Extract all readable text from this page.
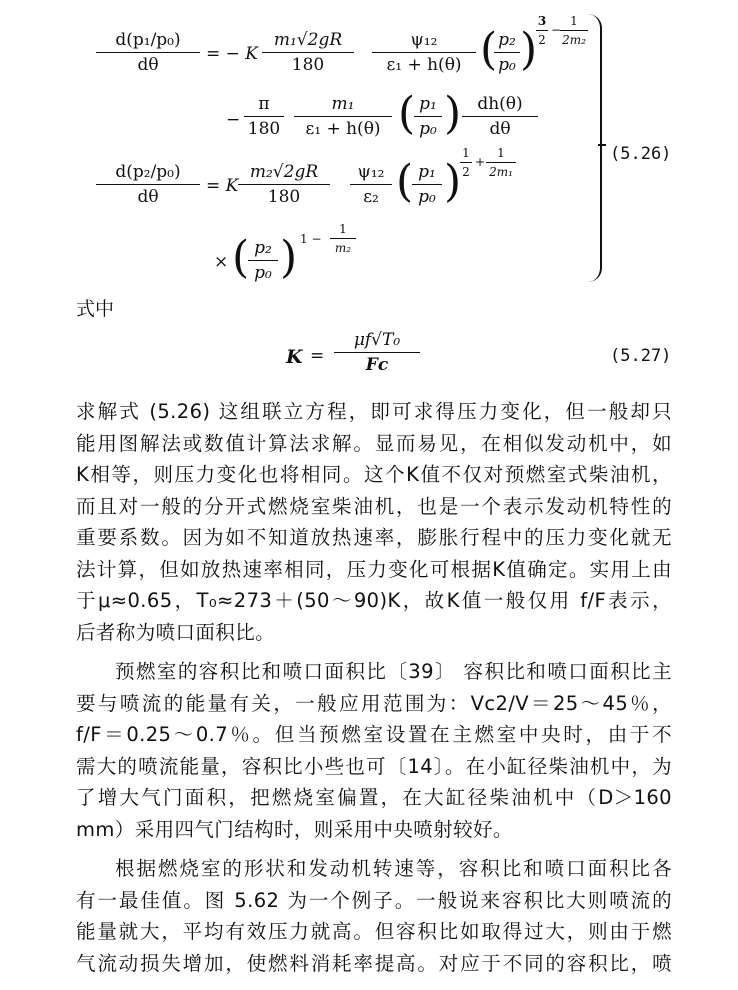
d(p₁/p₀)
dθ
= − K
m₁√2gR
180
ψ₁₂
ε₁ + h(θ) ( p₂
p₀ )
3
2
−
1
2m₂
−
π
180
m₁
ε₁ + h(θ) ( p₁
p₀ ) dh(θ)
dθ
d(p₂/p₀)
dθ
= K
m₂√2gR
180
ψ₁₂
ε₂ ( p₁
p₀ )
1
2
+
1
2m₁
× ( p₂
p₀ ) 1 −
1
m₂
(5.26)
式中
K =
μf√T₀
Fc	(5.27)

求解式 (5.26) 这组联立方程，即可求得压力变化，但一般却只

能用图解法或数值计算法求解。显而易见，在相似发动机中，如

K相等，则压力变化也将相同。这个K值不仅对预燃室式柴油机，

而且对一般的分开式燃烧室柴油机，也是一个表示发动机特性的

重要系数。因为如不知道放热速率，膨胀行程中的压力变化就无

法计算，但如放热速率相同，压力变化可根据K值确定。实用上由

于μ≈0.65，T₀≈273＋(50～90)K，故K值一般仅用 f/F表示，

后者称为喷口面积比。

预燃室的容积比和喷口面积比〔39〕 容积比和喷口面积比主

要与喷流的能量有关，一般应用范围为：Vc2/V＝25～45％，

f/F＝0.25～0.7％。但当预燃室设置在主燃室中央时，由于不

需大的喷流能量，容积比小些也可〔14〕。在小缸径柴油机中，为

了增大气门面积，把燃烧室偏置，在大缸径柴油机中（D＞160

mm）采用四气门结构时，则采用中央喷射较好。

根据燃烧室的形状和发动机转速等，容积比和喷口面积比各

有一最佳值。图 5.62 为一个例子。一般说来容积比大则喷流的

能量就大，平均有效压力就高。但容积比如取得过大，则由于燃

气流动损失增加，使燃料消耗率提高。对应于不同的容积比，喷
